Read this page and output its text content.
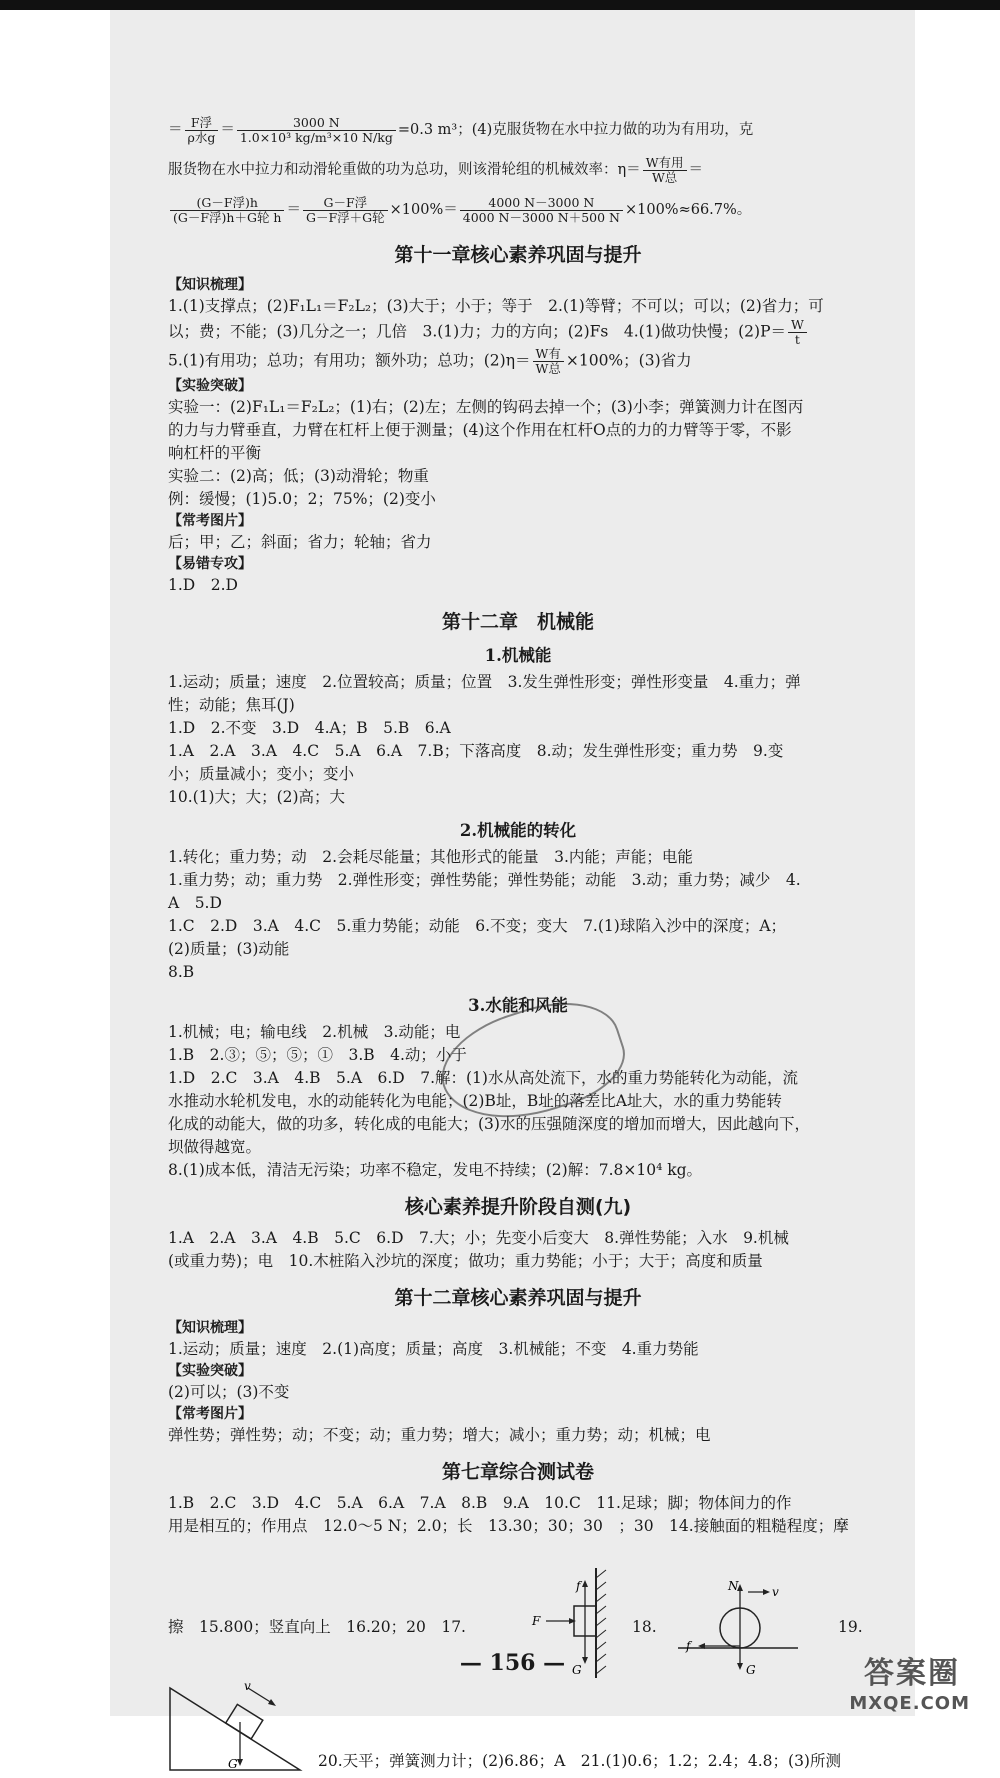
＝ $\frac{\text{F浮}}{\text{ρ水g}} = \frac{3000 N}{\text{1.0×10³ kg/m³×10 N/kg}} =0.3$ m³；(4)克服货物在水中拉力做的功为有用功，克
服货物在水中拉力和动滑轮重做的功为总功，则该滑轮组的机械效率：$\eta= \frac{\text{W有用}}{\text{W总}}$ ＝
$\frac{\text{(G－F浮)h}}{\text{(G－F浮)h＋G轮 h}} = \frac{\text{G－F浮}}{\text{G－F浮＋G轮}} \times 100\%= \frac{4000 N-3000 N}{4000 N-3000 N+500 N} \times 100\%\approx 66.7\%$。
第十一章核心素养巩固与提升
【知识梳理】

1.(1)支撑点；(2)F₁L₁＝F₂L₂；(3)大于；小于；等于　2.(1)等臂；不可以；可以；(2)省力；可

以；费；不能；(3)几分之一；几倍　3.(1)力；力的方向；(2)Fs　4.(1)做功快慢；$(2)P= \frac{W}{t}$

5.(1)有用功；总功；有用功；额外功；总功；$(2)\eta= \frac{\text{W有}}{\text{W总}} \times 100\%$；(3)省力

【实验突破】

实验一：(2)F₁L₁＝F₂L₂；(1)右；(2)左；左侧的钩码去掉一个；(3)小李；弹簧测力计在图丙

的力与力臂垂直，力臂在杠杆上便于测量；(4)这个作用在杠杆O点的力的力臂等于零，不影

响杠杆的平衡

实验二：(2)高；低；(3)动滑轮；物重

例：缓慢；(1)5.0；2；75%；(2)变小

【常考图片】

后；甲；乙；斜面；省力；轮轴；省力

【易错专攻】

1.D　2.D

第十二章　机械能
1.机械能

1.运动；质量；速度　2.位置较高；质量；位置　3.发生弹性形变；弹性形变量　4.重力；弹

性；动能；焦耳(J)

1.D　2.不变　3.D　4.A；B　5.B　6.A

1.A　2.A　3.A　4.C　5.A　6.A　7.B；下落高度　8.动；发生弹性形变；重力势　9.变

小；质量减小；变小；变小

10.(1)大；大；(2)高；大

2.机械能的转化

1.转化；重力势；动　2.会耗尽能量；其他形式的能量　3.内能；声能；电能

1.重力势；动；重力势　2.弹性形变；弹性势能；弹性势能；动能　3.动；重力势；减少　4.

A　5.D

1.C　2.D　3.A　4.C　5.重力势能；动能　6.不变；变大　7.(1)球陷入沙中的深度；A；

(2)质量；(3)动能

8.B

3.水能和风能

1.机械；电；输电线　2.机械　3.动能；电

1.B　2.③；⑤；⑤；①　3.B　4.动；小于

1.D　2.C　3.A　4.B　5.A　6.D　7.解：(1)水从高处流下，水的重力势能转化为动能，流

水推动水轮机发电，水的动能转化为电能；(2)B址，B址的落差比A址大，水的重力势能转

化成的动能大，做的功多，转化成的电能大；(3)水的压强随深度的增加而增大，因此越向下，

坝做得越宽。

8.(1)成本低，清洁无污染；功率不稳定，发电不持续；(2)解：7.8×10⁴ kg。

核心素养提升阶段自测(九)

1.A　2.A　3.A　4.B　5.C　6.D　7.大；小；先变小后变大　8.弹性势能；入水　9.机械

(或重力势)；电　10.木桩陷入沙坑的深度；做功；重力势能；小于；大于；高度和质量

第十二章核心素养巩固与提升
【知识梳理】

1.运动；质量；速度　2.(1)高度；质量；高度　3.机械能；不变　4.重力势能

【实验突破】

(2)可以；(3)不变

【常考图片】

弹性势；弹性势；动；不变；动；重力势；增大；减小；重力势；动；机械；电

第七章综合测试卷

1.B　2.C　3.D　4.C　5.A　6.A　7.A　8.B　9.A　10.C　11.足球；脚；物体间力的作

用是相互的；作用点　12.0～5 N；2.0；长　13.30；30；30　；30　14.接触面的粗糙程度；摩

擦　15.800；竖直向上　16.20；20　17.
f
F
G
18.
N	v
f
G
19.
v
G	20.天平；弹簧测力计；(2)6.86；A　21.(1)0.6；1.2；2.4；4.8；(3)所测
— 156 —	答案圈
MXQE.COM
